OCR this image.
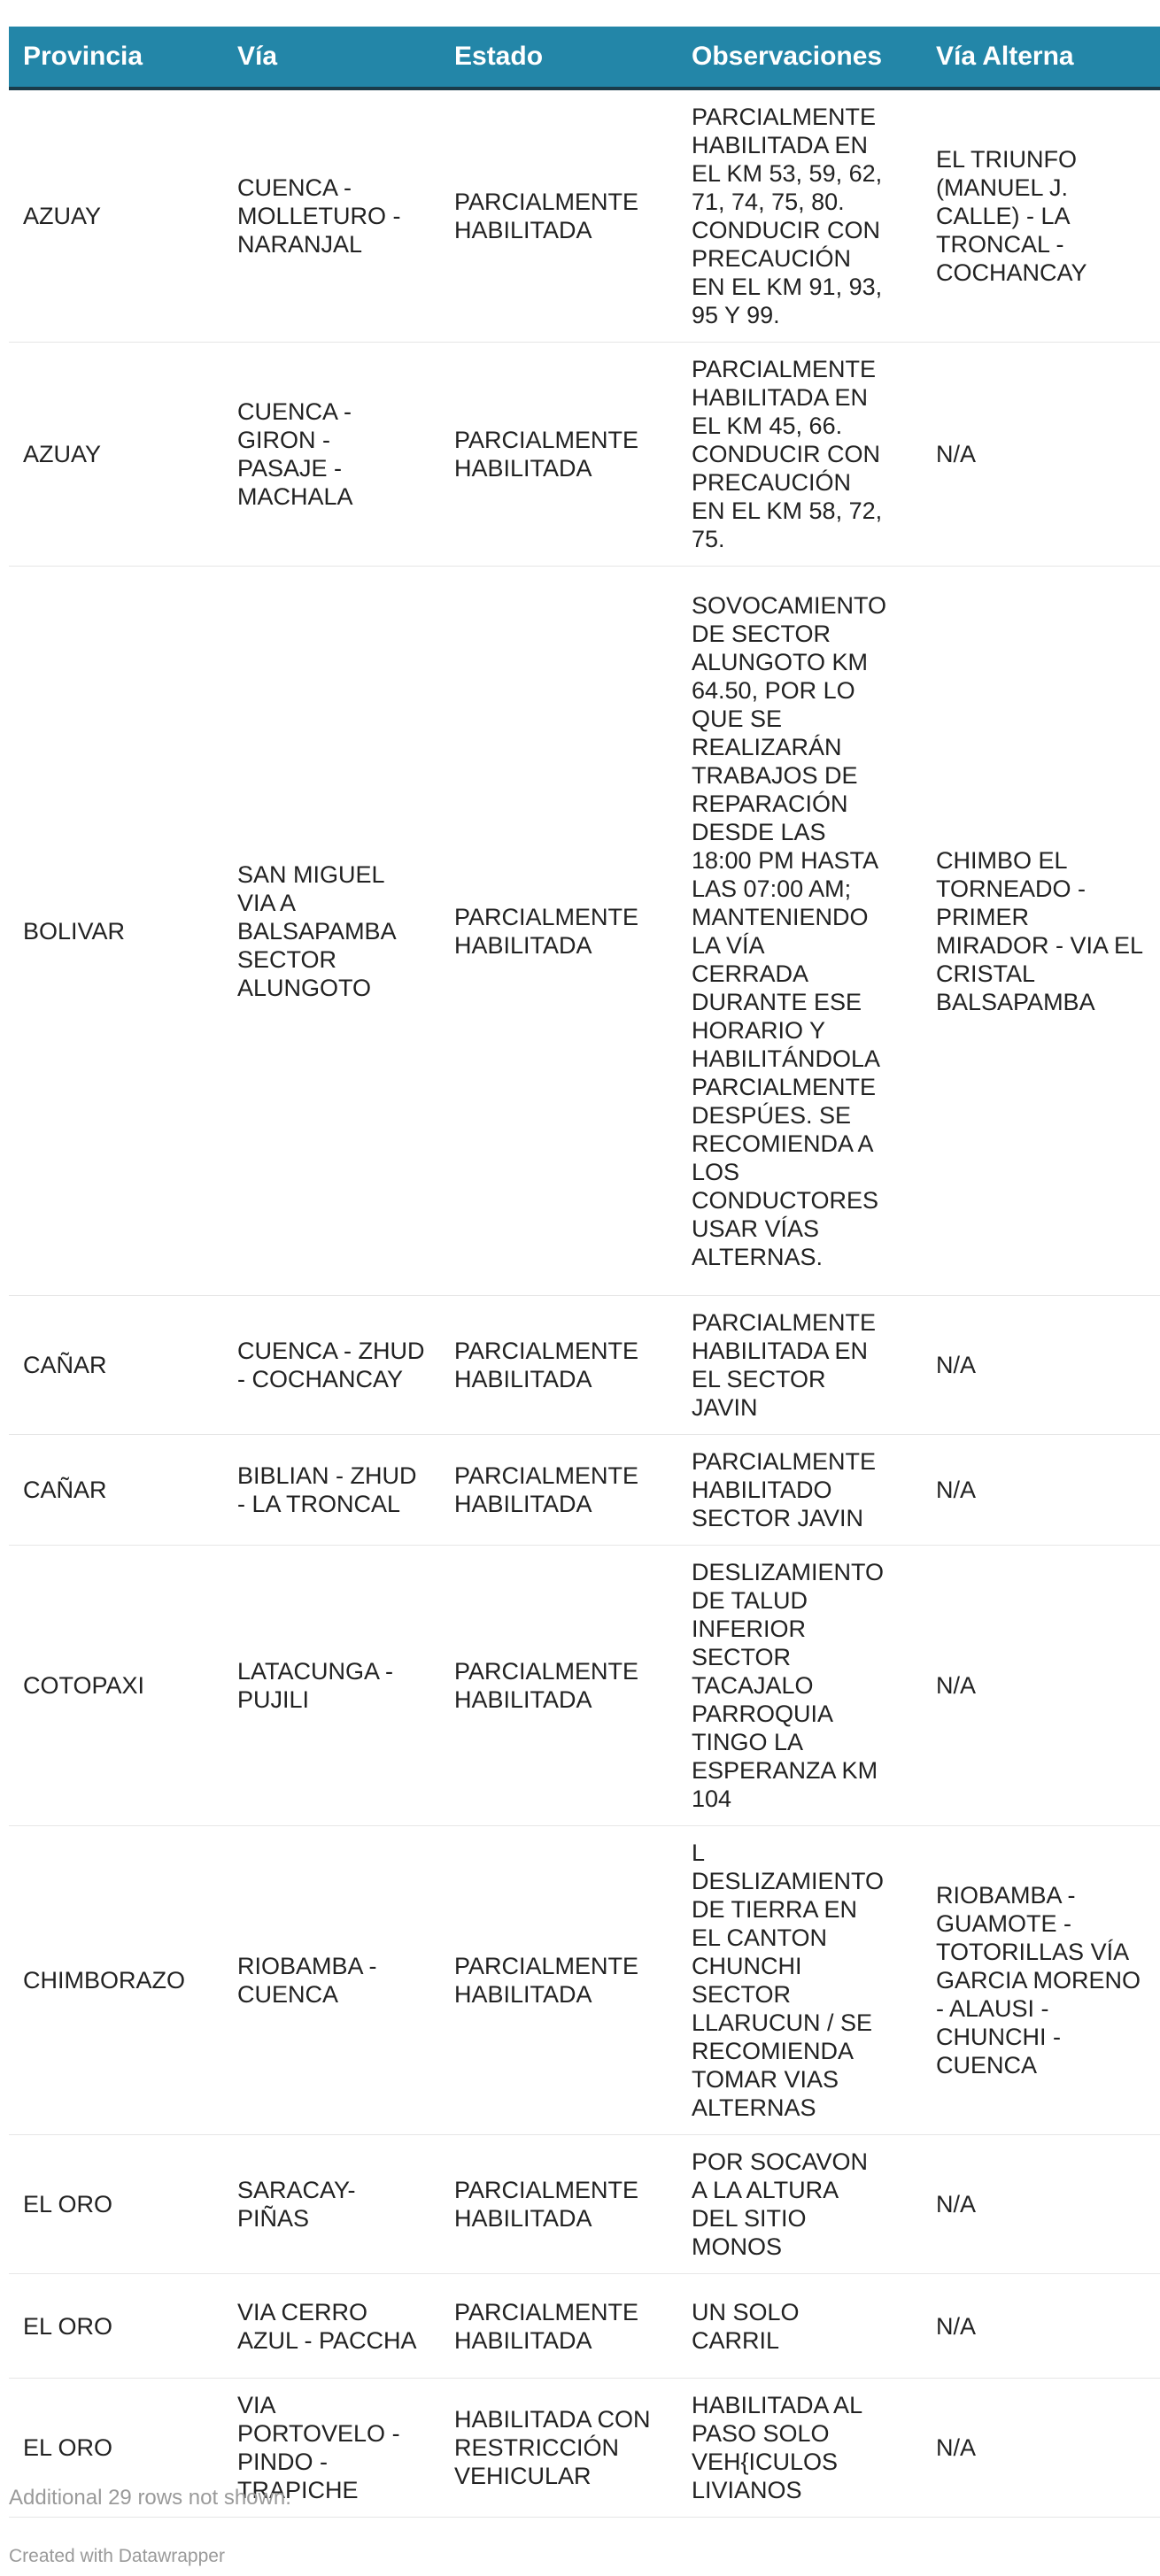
Provincia	Vía	Estado	Observaciones	Vía Alterna
AZUAY	CUENCA - MOLLETURO - NARANJAL	PARCIALMENTE HABILITADA	PARCIALMENTE HABILITADA EN EL KM 53, 59, 62, 71, 74, 75, 80. CONDUCIR CON PRECAUCIÓN EN EL KM 91, 93, 95 Y 99.	EL TRIUNFO (MANUEL J. CALLE) - LA TRONCAL - COCHANCAY
AZUAY	CUENCA - GIRON - PASAJE - MACHALA	PARCIALMENTE HABILITADA	PARCIALMENTE HABILITADA EN EL KM 45, 66. CONDUCIR CON PRECAUCIÓN EN EL KM 58, 72, 75.	N/A
BOLIVAR	SAN MIGUEL VIA A BALSAPAMBA SECTOR ALUNGOTO	PARCIALMENTE HABILITADA	SOVOCAMIENTO DE SECTOR ALUNGOTO KM 64.50, POR LO QUE SE REALIZARÁN TRABAJOS DE REPARACIÓN DESDE LAS 18:00 PM HASTA LAS 07:00 AM; MANTENIENDO LA VÍA CERRADA DURANTE ESE HORARIO Y HABILITÁNDOLA PARCIALMENTE DESPÚES. SE RECOMIENDA A LOS CONDUCTORES USAR VÍAS ALTERNAS.	CHIMBO EL TORNEADO - PRIMER MIRADOR - VIA EL CRISTAL BALSAPAMBA
CAÑAR	CUENCA - ZHUD - COCHANCAY	PARCIALMENTE HABILITADA	PARCIALMENTE HABILITADA EN EL SECTOR JAVIN	N/A
CAÑAR	BIBLIAN - ZHUD - LA TRONCAL	PARCIALMENTE HABILITADA	PARCIALMENTE HABILITADO SECTOR JAVIN	N/A
COTOPAXI	LATACUNGA - PUJILI	PARCIALMENTE HABILITADA	DESLIZAMIENTO DE TALUD INFERIOR SECTOR TACAJALO PARROQUIA TINGO LA ESPERANZA KM 104	N/A
CHIMBORAZO	RIOBAMBA - CUENCA	PARCIALMENTE HABILITADA	L DESLIZAMIENTO DE TIERRA EN EL CANTON CHUNCHI SECTOR LLARUCUN / SE RECOMIENDA TOMAR VIAS ALTERNAS	RIOBAMBA - GUAMOTE - TOTORILLAS VÍA GARCIA MORENO - ALAUSI - CHUNCHI - CUENCA
EL ORO	SARACAY-PIÑAS	PARCIALMENTE HABILITADA	POR SOCAVON A LA ALTURA DEL SITIO MONOS	N/A
EL ORO	VIA CERRO AZUL - PACCHA	PARCIALMENTE HABILITADA	UN SOLO CARRIL	N/A
EL ORO	VIA PORTOVELO - PINDO - TRAPICHE	HABILITADA CON RESTRICCIÓN VEHICULAR	HABILITADA AL PASO SOLO VEH{ICULOS LIVIANOS	N/A
Additional 29 rows not shown.
Created with Datawrapper
